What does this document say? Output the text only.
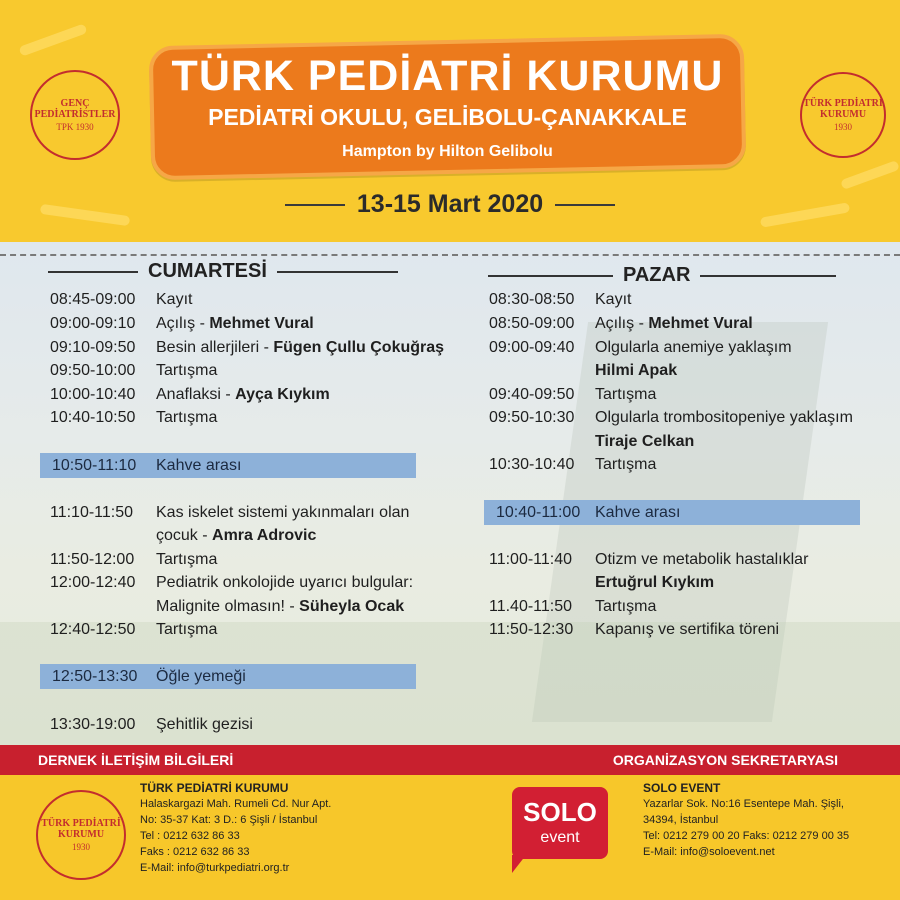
GENÇ PEDİATRİSTLER
TPK 1930
TÜRK PEDİATRİ KURUMU
1930
TÜRK PEDİATRİ KURUMU
PEDİATRİ OKULU, GELİBOLU-ÇANAKKALE
Hampton by Hilton Gelibolu
13-15 Mart 2020
CUMARTESİ	PAZAR
08:45-09:00 Kayıt
09:00-09:10 Açılış - Mehmet Vural
09:10-09:50 Besin allerjileri - Fügen Çullu Çokuğraş
09:50-10:00 Tartışma
10:00-10:40 Anaflaksi - Ayça Kıykım
10:40-10:50 Tartışma
10:50-11:10 Kahve arası
11:10-11:50 Kas iskelet sistemi yakınmaları olan
çocuk - Amra Adrovic
11:50-12:00 Tartışma
12:00-12:40 Pediatrik onkolojide uyarıcı bulgular:
Malignite olmasın! - Süheyla Ocak
12:40-12:50 Tartışma
12:50-13:30 Öğle yemeği
13:30-19:00 Şehitlik gezisi
08:30-08:50 Kayıt
08:50-09:00 Açılış - Mehmet Vural
09:00-09:40 Olgularla anemiye yaklaşım
Hilmi Apak
09:40-09:50 Tartışma
09:50-10:30 Olgularla trombositopeniye yaklaşım
Tiraje Celkan
10:30-10:40 Tartışma
10:40-11:00 Kahve arası
11:00-11:40 Otizm ve metabolik hastalıklar
Ertuğrul Kıykım
11.40-11:50 Tartışma
11:50-12:30 Kapanış ve sertifika töreni
DERNEK İLETİŞİM BİLGİLERİ	ORGANİZASYON SEKRETARYASI
TÜRK PEDİATRİ KURUMU
1930
TÜRK PEDİATRİ KURUMU
Halaskargazi Mah. Rumeli Cd. Nur Apt.
No: 35-37 Kat: 3 D.: 6 Şişli / İstanbul
Tel : 0212 632 86 33
Faks : 0212 632 86 33
E-Mail: info@turkpediatri.org.tr
SOLO EVENT
Yazarlar Sok. No:16 Esentepe Mah. Şişli,
34394, İstanbul
Tel: 0212 279 00 20 Faks: 0212 279 00 35
E-Mail: info@soloevent.net
SOLO
event
